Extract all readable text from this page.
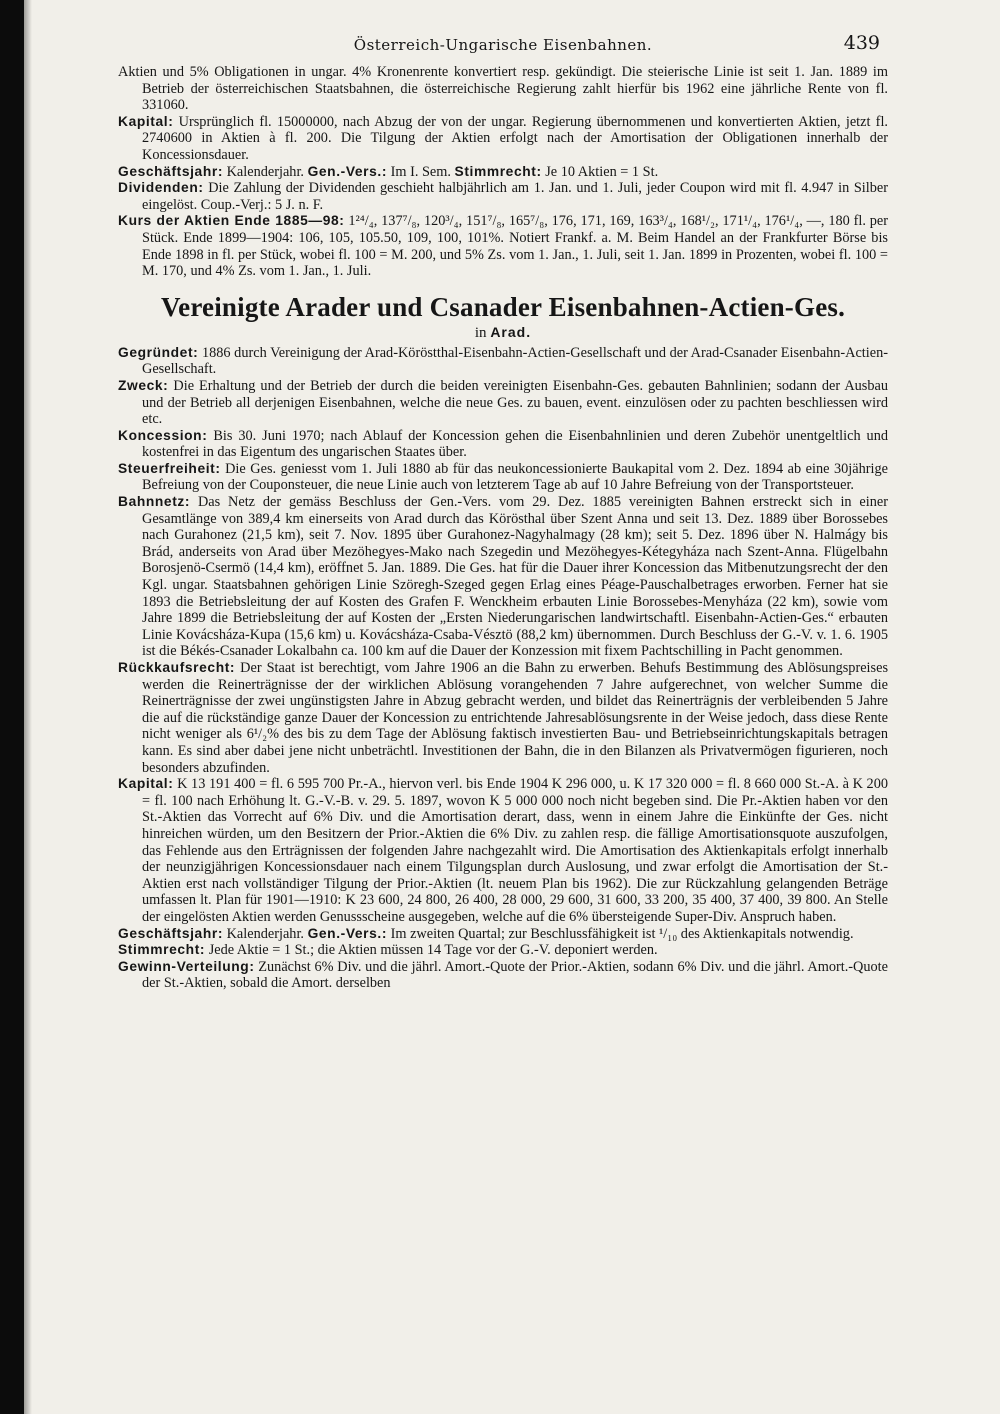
Österreich-Ungarische Eisenbahnen.	439

Aktien und 5% Obligationen in ungar. 4% Kronenrente konvertiert resp. gekündigt. Die steierische Linie ist seit 1. Jan. 1889 im Betrieb der österreichischen Staatsbahnen, die österreichische Regierung zahlt hierfür bis 1962 eine jährliche Rente von fl. 331060.

Kapital: Ursprünglich fl. 15000000, nach Abzug der von der ungar. Regierung übernommenen und konvertierten Aktien, jetzt fl. 2740600 in Aktien à fl. 200. Die Tilgung der Aktien erfolgt nach der Amortisation der Obligationen innerhalb der Koncessionsdauer.

Geschäftsjahr: Kalenderjahr. Gen.-Vers.: Im I. Sem. Stimmrecht: Je 10 Aktien = 1 St.

Dividenden: Die Zahlung der Dividenden geschieht halbjährlich am 1. Jan. und 1. Juli, jeder Coupon wird mit fl. 4.947 in Silber eingelöst. Coup.-Verj.: 5 J. n. F.

Kurs der Aktien Ende 1885—98: 1²⁴/₄, 137⁷/₈, 120³/₄, 151⁷/₈, 165⁷/₈, 176, 171, 169, 163³/₄, 168¹/₂, 171¹/₄, 176¹/₄, —, 180 fl. per Stück. Ende 1899—1904: 106, 105, 105.50, 109, 100, 101%. Notiert Frankf. a. M. Beim Handel an der Frankfurter Börse bis Ende 1898 in fl. per Stück, wobei fl. 100 = M. 200, und 5% Zs. vom 1. Jan., 1. Juli, seit 1. Jan. 1899 in Prozenten, wobei fl. 100 = M. 170, und 4% Zs. vom 1. Jan., 1. Juli.

Vereinigte Arader und Csanader Eisenbahnen-Actien-Ges.
in Arad.

Gegründet: 1886 durch Vereinigung der Arad-Köröstthal-Eisenbahn-Actien-Gesellschaft und der Arad-Csanader Eisenbahn-Actien-Gesellschaft.

Zweck: Die Erhaltung und der Betrieb der durch die beiden vereinigten Eisenbahn-Ges. gebauten Bahnlinien; sodann der Ausbau und der Betrieb all derjenigen Eisenbahnen, welche die neue Ges. zu bauen, event. einzulösen oder zu pachten beschliessen wird etc.

Koncession: Bis 30. Juni 1970; nach Ablauf der Koncession gehen die Eisenbahnlinien und deren Zubehör unentgeltlich und kostenfrei in das Eigentum des ungarischen Staates über.

Steuerfreiheit: Die Ges. geniesst vom 1. Juli 1880 ab für das neukoncessionierte Baukapital vom 2. Dez. 1894 ab eine 30jährige Befreiung von der Couponsteuer, die neue Linie auch von letzterem Tage ab auf 10 Jahre Befreiung von der Transportsteuer.

Bahnnetz: Das Netz der gemäss Beschluss der Gen.-Vers. vom 29. Dez. 1885 vereinigten Bahnen erstreckt sich in einer Gesamtlänge von 389,4 km einerseits von Arad durch das Körösthal über Szent Anna und seit 13. Dez. 1889 über Borossebes nach Gurahonez (21,5 km), seit 7. Nov. 1895 über Gurahonez-Nagyhalmagy (28 km); seit 5. Dez. 1896 über N. Halmágy bis Brád, anderseits von Arad über Mezöhegyes-Mako nach Szegedin und Mezöhegyes-Kétegyháza nach Szent-Anna. Flügelbahn Borosjenö-Csermö (14,4 km), eröffnet 5. Jan. 1889. Die Ges. hat für die Dauer ihrer Koncession das Mitbenutzungsrecht der den Kgl. ungar. Staatsbahnen gehörigen Linie Szöregh-Szeged gegen Erlag eines Péage-Pauschalbetrages erworben. Ferner hat sie 1893 die Betriebsleitung der auf Kosten des Grafen F. Wenckheim erbauten Linie Borossebes-Menyháza (22 km), sowie vom Jahre 1899 die Betriebsleitung der auf Kosten der „Ersten Niederungarischen landwirtschaftl. Eisenbahn-Actien-Ges.“ erbauten Linie Kovácsháza-Kupa (15,6 km) u. Kovácsháza-Csaba-Vésztö (88,2 km) übernommen. Durch Beschluss der G.-V. v. 1. 6. 1905 ist die Békés-Csanader Lokalbahn ca. 100 km auf die Dauer der Konzession mit fixem Pachtschilling in Pacht genommen.

Rückkaufsrecht: Der Staat ist berechtigt, vom Jahre 1906 an die Bahn zu erwerben. Behufs Bestimmung des Ablösungspreises werden die Reinerträgnisse der der wirklichen Ablösung vorangehenden 7 Jahre aufgerechnet, von welcher Summe die Reinerträgnisse der zwei ungünstigsten Jahre in Abzug gebracht werden, und bildet das Reinerträgnis der verbleibenden 5 Jahre die auf die rückständige ganze Dauer der Koncession zu entrichtende Jahresablösungsrente in der Weise jedoch, dass diese Rente nicht weniger als 6¹/₂% des bis zu dem Tage der Ablösung faktisch investierten Bau- und Betriebseinrichtungskapitals betragen kann. Es sind aber dabei jene nicht unbeträchtl. Investitionen der Bahn, die in den Bilanzen als Privatvermögen figurieren, noch besonders abzufinden.

Kapital: K 13 191 400 = fl. 6 595 700 Pr.-A., hiervon verl. bis Ende 1904 K 296 000, u. K 17 320 000 = fl. 8 660 000 St.-A. à K 200 = fl. 100 nach Erhöhung lt. G.-V.-B. v. 29. 5. 1897, wovon K 5 000 000 noch nicht begeben sind. Die Pr.-Aktien haben vor den St.-Aktien das Vorrecht auf 6% Div. und die Amortisation derart, dass, wenn in einem Jahre die Einkünfte der Ges. nicht hinreichen würden, um den Besitzern der Prior.-Aktien die 6% Div. zu zahlen resp. die fällige Amortisationsquote auszufolgen, das Fehlende aus den Erträgnissen der folgenden Jahre nachgezahlt wird. Die Amortisation des Aktienkapitals erfolgt innerhalb der neunzigjährigen Koncessionsdauer nach einem Tilgungsplan durch Auslosung, und zwar erfolgt die Amortisation der St.-Aktien erst nach vollständiger Tilgung der Prior.-Aktien (lt. neuem Plan bis 1962). Die zur Rückzahlung gelangenden Beträge umfassen lt. Plan für 1901—1910: K 23 600, 24 800, 26 400, 28 000, 29 600, 31 600, 33 200, 35 400, 37 400, 39 800. An Stelle der eingelösten Aktien werden Genussscheine ausgegeben, welche auf die 6% übersteigende Super-Div. Anspruch haben.

Geschäftsjahr: Kalenderjahr. Gen.-Vers.: Im zweiten Quartal; zur Beschlussfähigkeit ist ¹/₁₀ des Aktienkapitals notwendig.

Stimmrecht: Jede Aktie = 1 St.; die Aktien müssen 14 Tage vor der G.-V. deponiert werden.

Gewinn-Verteilung: Zunächst 6% Div. und die jährl. Amort.-Quote der Prior.-Aktien, sodann 6% Div. und die jährl. Amort.-Quote der St.-Aktien, sobald die Amort. derselben
